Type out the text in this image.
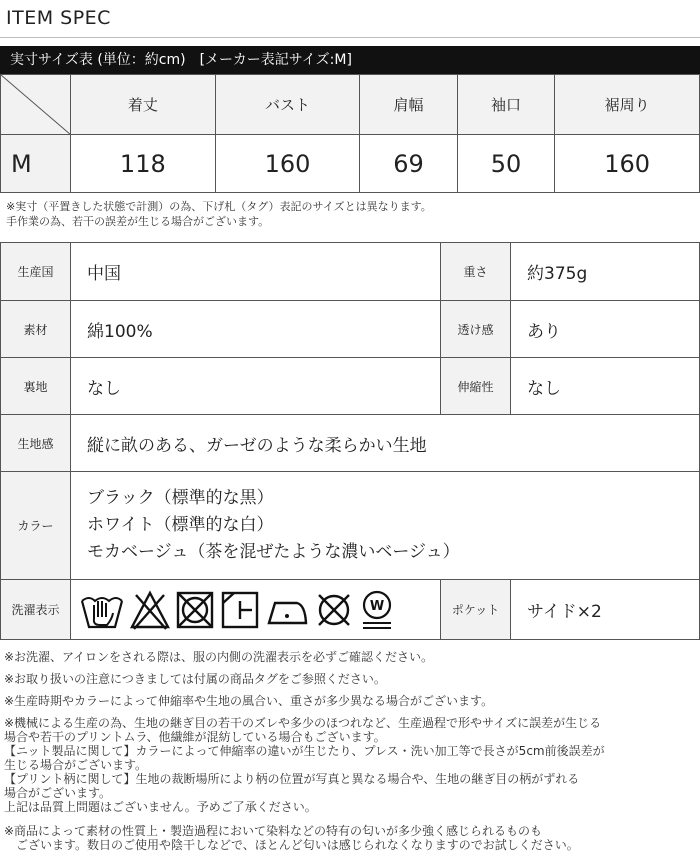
ITEM SPEC
実寸サイズ表 (単位：約cm)　[メーカー表記サイズ:M]
	着丈	バスト	肩幅	袖口	裾周り
M	118	160	69	50	160
※実寸（平置きした状態で計測）の為、下げ札（タグ）表記のサイズとは異なります。
手作業の為、若干の誤差が生じる場合がございます。
生産国	中国	重さ	約375g
素材	綿100%	透け感	あり
裏地	なし	伸縮性	なし
生地感	縦に畝のある、ガーゼのような柔らかい生地		
カラー	ブラック（標準的な黒）
ホワイト（標準的な白）
モカベージュ（茶を混ぜたような濃いベージュ）		

洗濯表示	W	ポケット	サイド×2
※お洗濯、アイロンをされる際は、服の内側の洗濯表示を必ずご確認ください。
※お取り扱いの注意につきましては付属の商品タグをご参照ください。
※生産時期やカラーによって伸縮率や生地の風合い、重さが多少異なる場合がございます。
※機械による生産の為、生地の継ぎ目の若干のズレや多少のほつれなど、生産過程で形やサイズに誤差が生じる
場合や若干のプリントムラ、他繊維が混紡している場合もございます。
【ニット製品に関して】カラーによって伸縮率の違いが生じたり、プレス・洗い加工等で長さが5cm前後誤差が
生じる場合がございます。
【プリント柄に関して】生地の裁断場所により柄の位置が写真と異なる場合や、生地の継ぎ目の柄がずれる
場合がございます。
上記は品質上問題はございません。予めご了承ください。
※商品によって素材の性質上・製造過程において染料などの特有の匂いが多少強く感じられるものも
　ございます。数日のご使用や陰干しなどで、ほとんど匂いは感じられなくなりますのでお試しください。
